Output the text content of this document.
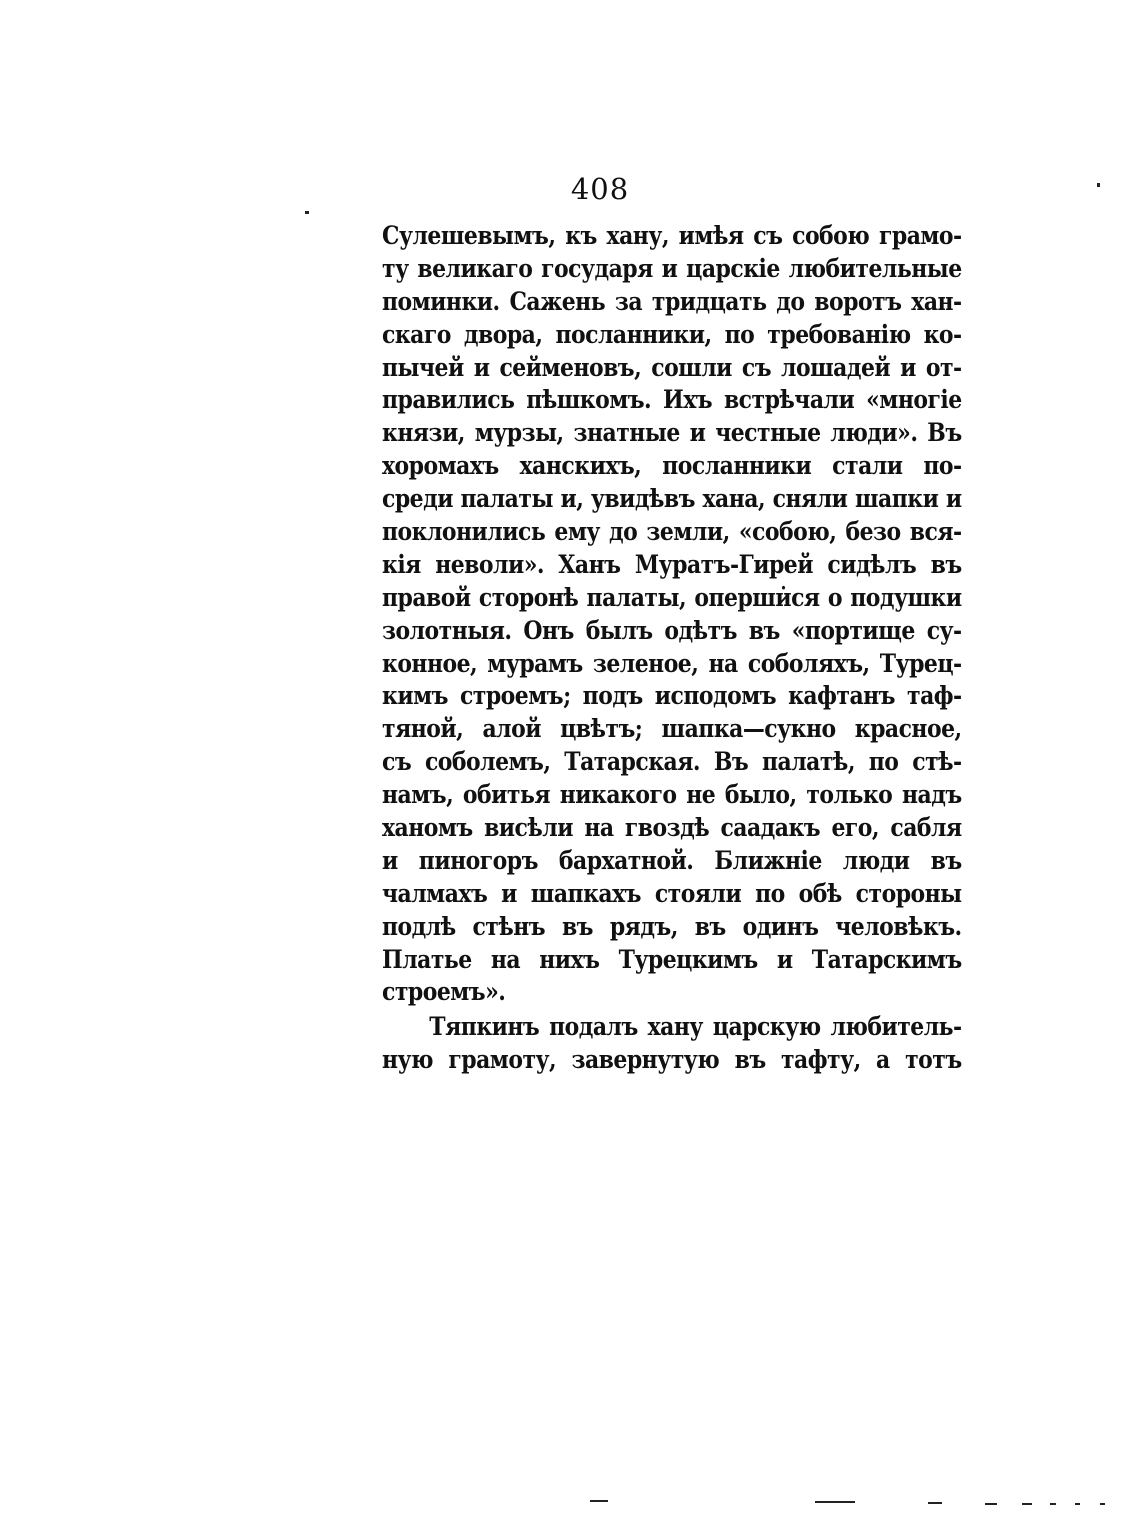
408
Сулешевымъ, къ хану, имѣя съ собою грамо-
ту великаго государя и царскіе любительные
поминки. Сажень за тридцать до воротъ хан-
скаго двора, посланники, по требованію ко-
пычей и сейменовъ, сошли съ лошадей и от-
правились пѣшкомъ. Ихъ встрѣчали «многіе
князи, мурзы, знатные и честные люди». Въ
хоромахъ ханскихъ, посланники стали по-
среди палаты и, увидѣвъ хана, сняли шапки и
поклонились ему до земли, «собою, безо вся-
кія неволи». Ханъ Муратъ-Гирей сидѣлъ въ
правой сторонѣ палаты, оперши̇ся о подушки
золотныя. Онъ былъ одѣтъ въ «портище су-
конное, мурамъ зеленое, на соболяхъ, Турец-
кимъ строемъ; подъ исподомъ кафтанъ таф-
тяной, алой цвѣтъ; шапка—сукно красное,
съ соболемъ, Татарская. Въ палатѣ, по стѣ-
намъ, обитья никакого не было, только надъ
ханомъ висѣли на гвоздѣ саадакъ его, сабля
и пиногоръ бархатной. Ближніе люди въ
чалмахъ и шапкахъ стояли по обѣ стороны
подлѣ стѣнъ въ рядъ, въ одинъ человѣкъ.
Платье на нихъ Турецкимъ и Татарскимъ
строемъ».
Тяпкинъ подалъ хану царскую любитель-
ную грамоту, завернутую въ тафту, а тотъ
